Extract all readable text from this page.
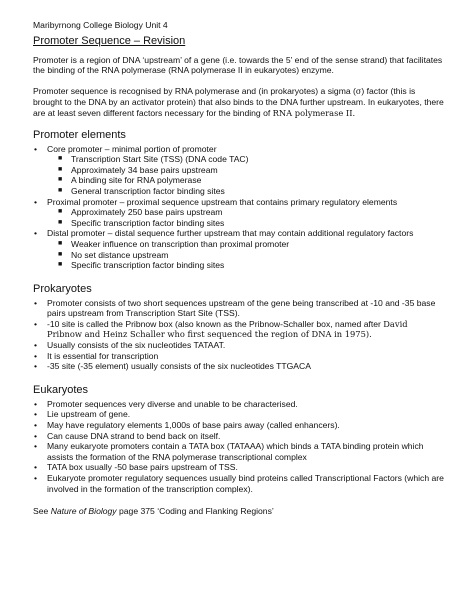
Maribyrnong College Biology Unit 4
Promoter Sequence – Revision

Promoter is a region of DNA ‘upstream’ of a gene (i.e. towards the 5’ end of the sense strand) that facilitates the binding of the RNA polymerase (RNA polymerase II in eukaryotes) enzyme.

Promoter sequence is recognised by RNA polymerase and (in prokaryotes) a sigma (σ) factor (this is brought to the DNA by an activator protein) that also binds to the DNA further upstream. In eukaryotes, there are at least seven different factors necessary for the binding of RNA polymerase II.

Promoter elements
• Core promoter – minimal portion of promoter
■ Transcription Start Site (TSS) (DNA code TAC)
■ Approximately 34 base pairs upstream
■ A binding site for RNA polymerase
■ General transcription factor binding sites
• Proximal promoter – proximal sequence upstream that contains primary regulatory elements
■ Approximately 250 base pairs upstream
■ Specific transcription factor binding sites
• Distal promoter – distal sequence further upstream that may contain additional regulatory factors
■ Weaker influence on transcription than proximal promoter
■ No set distance upstream
■ Specific transcription factor binding sites
Prokaryotes
• Promoter consists of two short sequences upstream of the gene being transcribed at -10 and -35 base pairs upstream from Transcription Start Site (TSS).
• -10 site is called the Pribnow box (also known as the Pribnow-Schaller box, named after David Pribnow and Heinz Schaller who first sequenced the region of DNA in 1975).
• Usually consists of the six nucleotides TATAAT.
• It is essential for transcription
• -35 site (-35 element) usually consists of the six nucleotides TTGACA
Eukaryotes
• Promoter sequences very diverse and unable to be characterised.
• Lie upstream of gene.
• May have regulatory elements 1,000s of base pairs away (called enhancers).
• Can cause DNA strand to bend back on itself.
• Many eukaryote promoters contain a TATA box (TATAAA) which binds a TATA binding protein which assists the formation of the RNA polymerase transcriptional complex
• TATA box usually -50 base pairs upstream of TSS.
• Eukaryote promoter regulatory sequences usually bind proteins called Transcriptional Factors (which are involved in the formation of the transcription complex).
See Nature of Biology page 375 ‘Coding and Flanking Regions’
